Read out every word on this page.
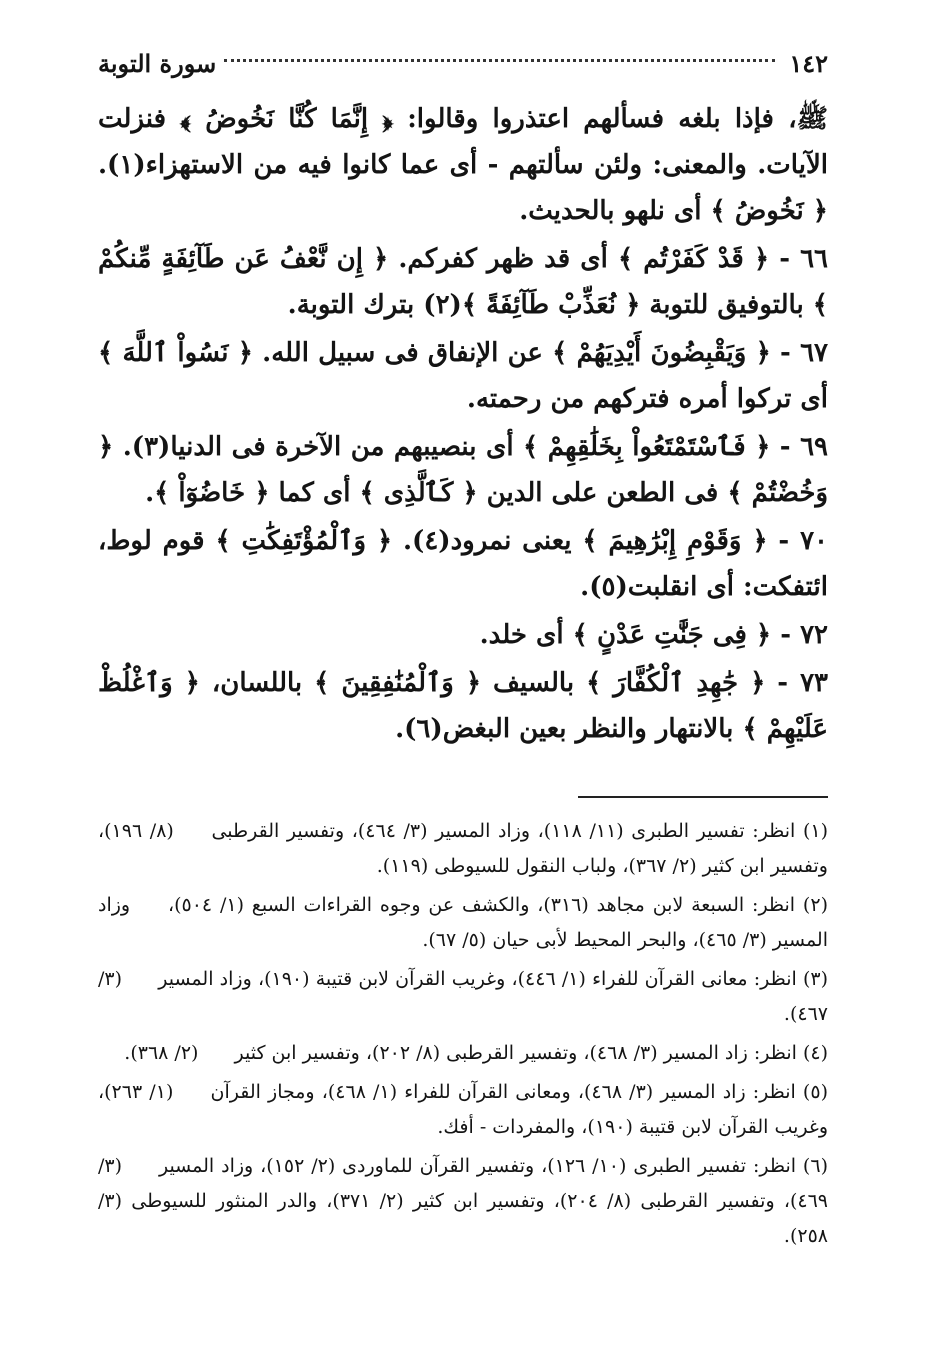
١٤٢
سورة التوبة

ﷺ، فإذا بلغه فسألهم اعتذروا وقالوا: ﴿ إِنَّمَا كُنَّا نَخُوضُ ﴾ فنزلت الآيات. والمعنى: ولئن سألتهم - أى عما كانوا فيه من الاستهزاء(١). ﴿ نَخُوضُ ﴾ أى نلهو بالحديث.

٦٦ - ﴿ قَدْ كَفَرْتُم ﴾ أى قد ظهر كفركم. ﴿ إِن نَّعْفُ عَن طَآئِفَةٍ مِّنكُمْ ﴾ بالتوفيق للتوبة ﴿ نُعَذِّبْ طَآئِفَةً ﴾(٢) بترك التوبة.

٦٧ - ﴿ وَيَقْبِضُونَ أَيْدِيَهُمْ ﴾ عن الإنفاق فى سبيل الله. ﴿ نَسُواْ ٱللَّهَ ﴾ أى تركوا أمره فتركهم من رحمته.

٦٩ - ﴿ فَٱسْتَمْتَعُواْ بِخَلَٰقِهِمْ ﴾ أى بنصيبهم من الآخرة فى الدنيا(٣). ﴿ وَخُضْتُمْ ﴾ فى الطعن على الدين ﴿ كَٱلَّذِى ﴾ أى كما ﴿ خَاضُوٓاْ ﴾.

٧٠ - ﴿ وَقَوْمِ إِبْرَٰهِيمَ ﴾ يعنى نمرود(٤). ﴿ وَٱلْمُؤْتَفِكَٰتِ ﴾ قوم لوط، ائتفكت: أى انقلبت(٥).

٧٢ - ﴿ فِى جَنَّٰتِ عَدْنٍ ﴾ أى خلد.

٧٣ - ﴿ جَٰهِدِ ٱلْكُفَّارَ ﴾ بالسيف ﴿ وَٱلْمُنَٰفِقِينَ ﴾ باللسان، ﴿ وَٱغْلُظْ عَلَيْهِمْ ﴾ بالانتهار والنظر بعين البغض(٦).

(١) انظر: تفسير الطبرى (١١/ ١١٨)، وزاد المسير (٣/ ٤٦٤)، وتفسير القرطبى (٨/ ١٩٦)، وتفسير ابن كثير (٢/ ٣٦٧)، ولباب النقول للسيوطى (١١٩).

(٢) انظر: السبعة لابن مجاهد (٣١٦)، والكشف عن وجوه القراءات السبع (١/ ٥٠٤)، وزاد المسير (٣/ ٤٦٥)، والبحر المحيط لأبى حيان (٥/ ٦٧).

(٣) انظر: معانى القرآن للفراء (١/ ٤٤٦)، وغريب القرآن لابن قتيبة (١٩٠)، وزاد المسير (٣/ ٤٦٧).

(٤) انظر: زاد المسير (٣/ ٤٦٨)، وتفسير القرطبى (٨/ ٢٠٢)، وتفسير ابن كثير (٢/ ٣٦٨).

(٥) انظر: زاد المسير (٣/ ٤٦٨)، ومعانى القرآن للفراء (١/ ٤٦٨)، ومجاز القرآن (١/ ٢٦٣)، وغريب القرآن لابن قتيبة (١٩٠)، والمفردات - أفك.

(٦) انظر: تفسير الطبرى (١٠/ ١٢٦)، وتفسير القرآن للماوردى (٢/ ١٥٢)، وزاد المسير (٣/ ٤٦٩)، وتفسير القرطبى (٨/ ٢٠٤)، وتفسير ابن كثير (٢/ ٣٧١)، والدر المنثور للسيوطى (٣/ ٢٥٨).
